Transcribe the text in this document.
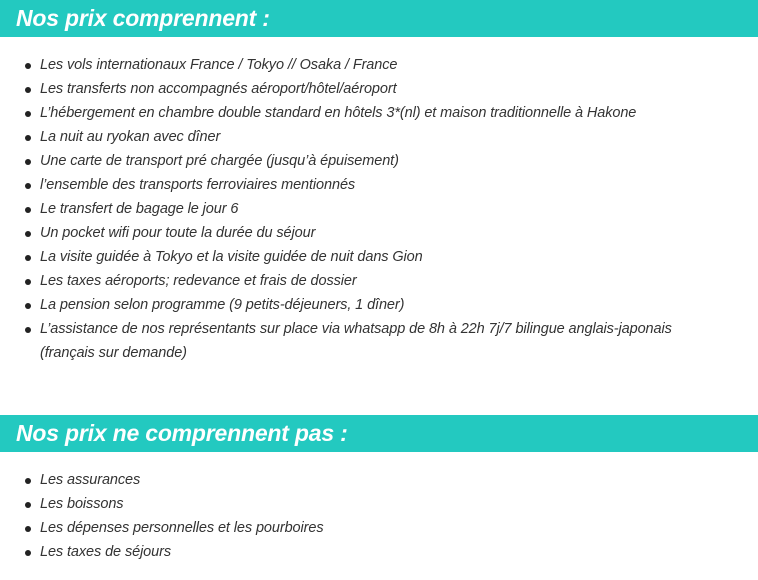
Nos prix comprennent :
Les vols internationaux France / Tokyo // Osaka / France
Les transferts non accompagnés aéroport/hôtel/aéroport
L’hébergement en chambre double standard en hôtels 3*(nl) et maison traditionnelle à Hakone
La nuit au ryokan avec dîner
Une carte de transport pré chargée (jusqu’à épuisement)
l’ensemble des transports ferroviaires mentionnés
Le transfert de bagage le jour 6
Un pocket wifi pour toute la durée du séjour
La visite guidée à Tokyo et la visite guidée de nuit dans Gion
Les taxes aéroports; redevance et frais de dossier
La pension selon programme (9 petits-déjeuners, 1 dîner)
L’assistance de nos représentants sur place via whatsapp de 8h à 22h 7j/7 bilingue anglais-japonais (français sur demande)
Nos prix ne comprennent pas :
Les assurances
Les boissons
Les dépenses personnelles et les pourboires
Les taxes de séjours
